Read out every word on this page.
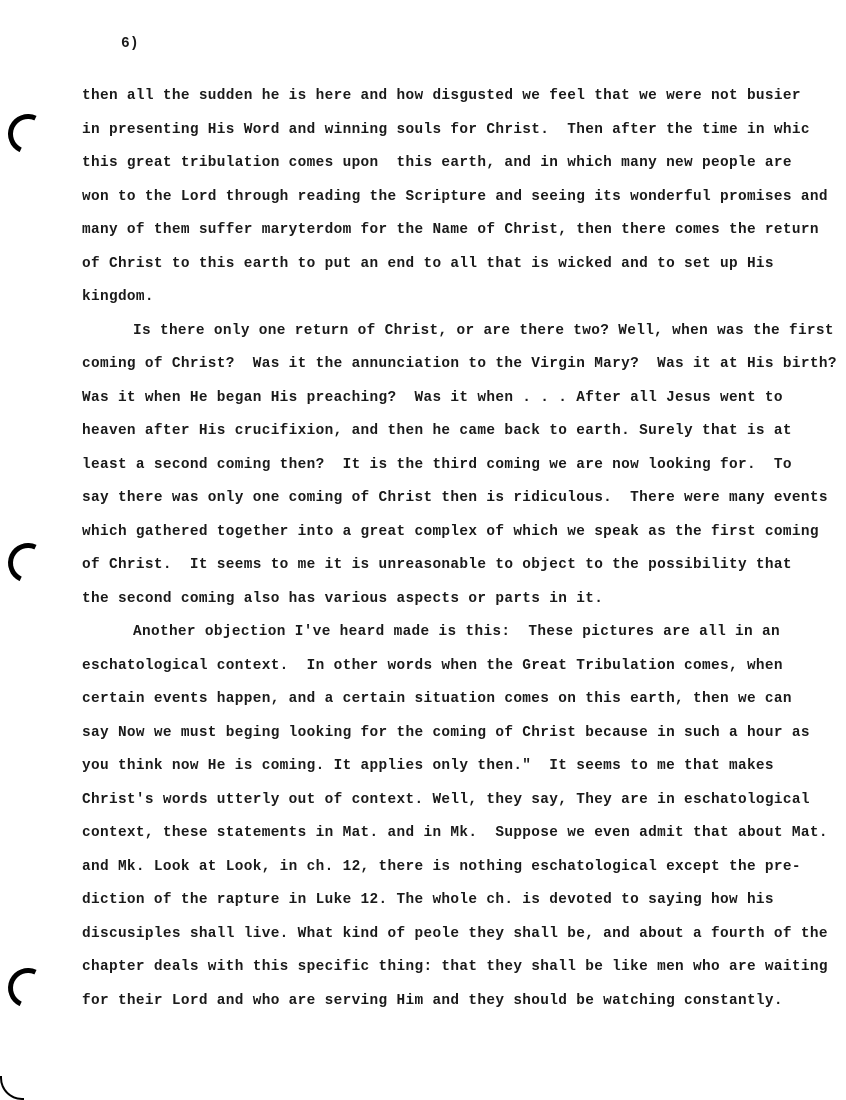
6)
then all the sudden he is here and how disgusted we feel that we were not busier
in presenting His Word and winning souls for Christ.  Then after the time in whic
this great tribulation comes upon  this earth, and in which many new people are
won to the Lord through reading the Scripture and seeing its wonderful promises and
many of them suffer maryterdom for the Name of Christ, then there comes the return
of Christ to this earth to put an end to all that is wicked and to set up His
kingdom.
Is there only one return of Christ, or are there two? Well, when was the first
coming of Christ?  Was it the annunciation to the Virgin Mary?  Was it at His birth?
Was it when He began His preaching?  Was it when . . . After all Jesus went to
heaven after His crucifixion, and then he came back to earth. Surely that is at
least a second coming then?  It is the third coming we are now looking for.  To
say there was only one coming of Christ then is ridiculous.  There were many events
which gathered together into a great complex of which we speak as the first coming
of Christ.  It seems to me it is unreasonable to object to the possibility that
the second coming also has various aspects or parts in it.
Another objection I've heard made is this:  These pictures are all in an
eschatological context.  In other words when the Great Tribulation comes, when
certain events happen, and a certain situation comes on this earth, then we can
say Now we must beging looking for the coming of Christ because in such a hour as
you think now He is coming. It applies only then."  It seems to me that makes
Christ's words utterly out of context. Well, they say, They are in eschatological
context, these statements in Mat. and in Mk.  Suppose we even admit that about Mat.
and Mk. Look at Look, in ch. 12, there is nothing eschatological except the pre-
diction of the rapture in Luke 12. The whole ch. is devoted to saying how his
discusiples shall live. What kind of peole they shall be, and about a fourth of the
chapter deals with this specific thing: that they shall be like men who are waiting
for their Lord and who are serving Him and they should be watching constantly.
